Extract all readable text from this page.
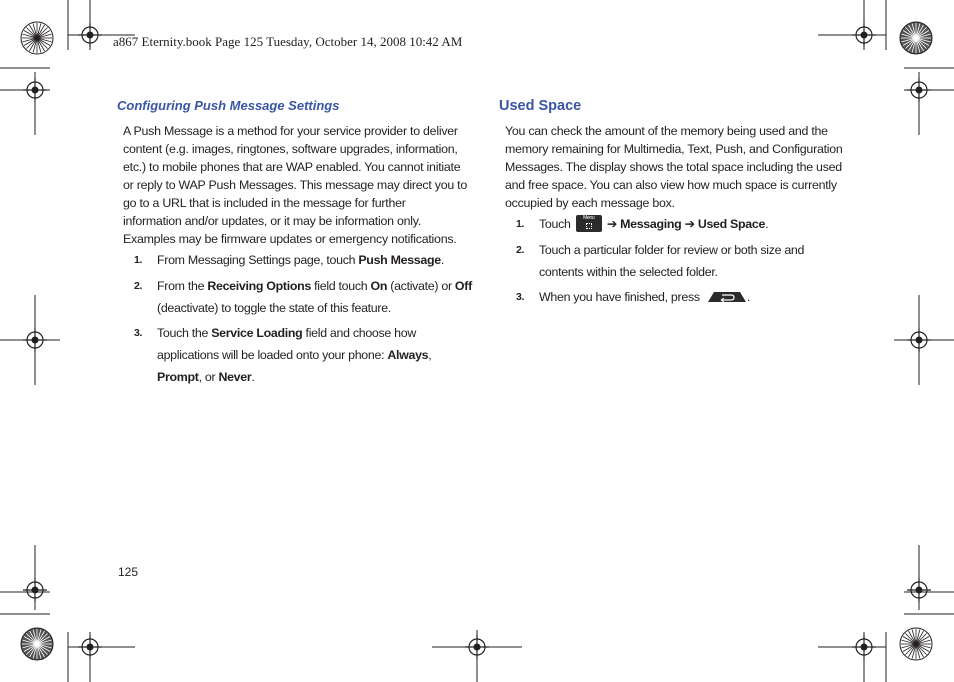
a867 Eternity.book Page 125 Tuesday, October 14, 2008 10:42 AM
Configuring Push Message Settings

A Push Message is a method for your service provider to deliver

content (e.g. images, ringtones, software upgrades, information,

etc.) to mobile phones that are WAP enabled. You cannot initiate

or reply to WAP Push Messages. This message may direct you to

go to a URL that is included in the message for further

information and/or updates, or it may be information only.

Examples may be firmware updates or emergency notifications.

1. From Messaging Settings page, touch Push Message.
2. From the Receiving Options field touch On (activate) or Off
(deactivate) to toggle the state of this feature.
3. Touch the Service Loading field and choose how
applications will be loaded onto your phone: Always,
Prompt, or Never.
Used Space

You can check the amount of the memory being used and the

memory remaining for Multimedia, Text, Push, and Configuration

Messages. The display shows the total space including the used

and free space. You can also view how much space is currently

occupied by each message box.

1. Touch	Menu ➔ Messaging ➔ Used Space.
2. Touch a particular folder for review or both size and
contents within the selected folder.
3. When you have finished, press	.
125
